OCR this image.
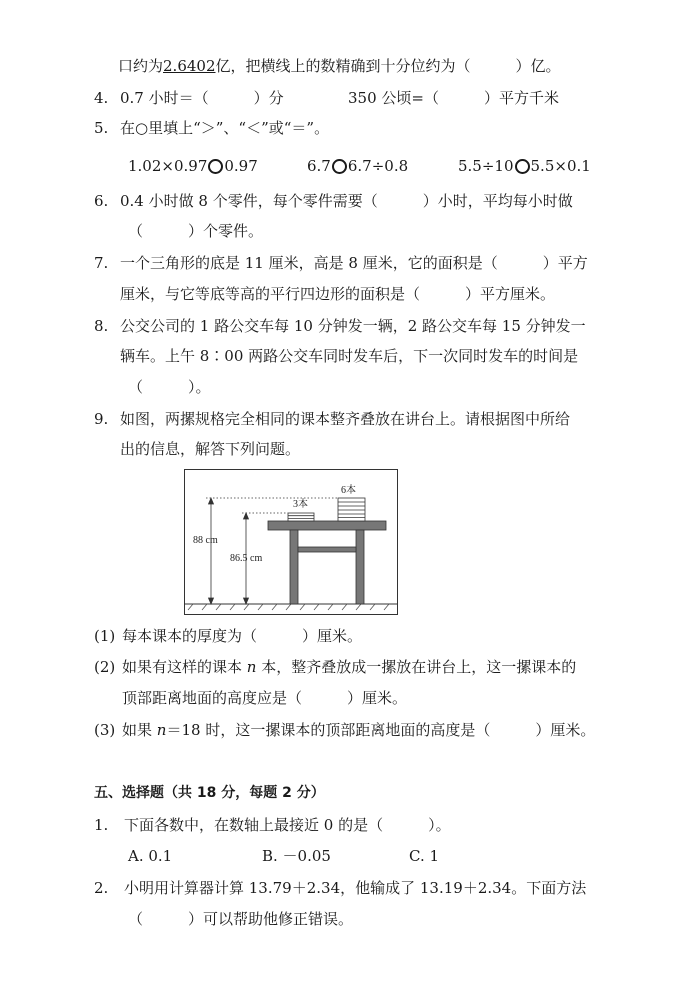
口约为2.6402亿，把横线上的数精确到十分位约为（　　　）亿。
4. 0.7 小时＝（　　　）分	350 公顷=（　　　）平方千米
5. 在○里填上“＞”、“＜”或“＝”。
1.02×0.97 0.97	6.7 6.7÷0.8	5.5÷10 5.5×0.1
6. 0.4 小时做 8 个零件，每个零件需要（　　　）小时，平均每小时做
（　　　）个零件。
7. 一个三角形的底是 11 厘米，高是 8 厘米，它的面积是（　　　）平方
厘米，与它等底等高的平行四边形的面积是（　　　）平方厘米。
8. 公交公司的 1 路公交车每 10 分钟发一辆，2 路公交车每 15 分钟发一
辆车。上午 8∶00 两路公交车同时发车后，下一次同时发车的时间是
（　　　）。
9. 如图，两摞规格完全相同的课本整齐叠放在讲台上。请根据图中所给
出的信息，解答下列问题。
3本
6本
88 cm
86.5 cm
(1) 每本课本的厚度为（　　　）厘米。
(2) 如果有这样的课本 n 本，整齐叠放成一摞放在讲台上，这一摞课本的
顶部距离地面的高度应是（　　　）厘米。
(3) 如果 n＝18 时，这一摞课本的顶部距离地面的高度是（　　　）厘米。
五、选择题（共 18 分，每题 2 分）
1. 下面各数中，在数轴上最接近 0 的是（　　　）。
A. 0.1	B. －0.05	C. 1
2. 小明用计算器计算 13.79＋2.34，他输成了 13.19＋2.34。下面方法
（　　　）可以帮助他修正错误。
